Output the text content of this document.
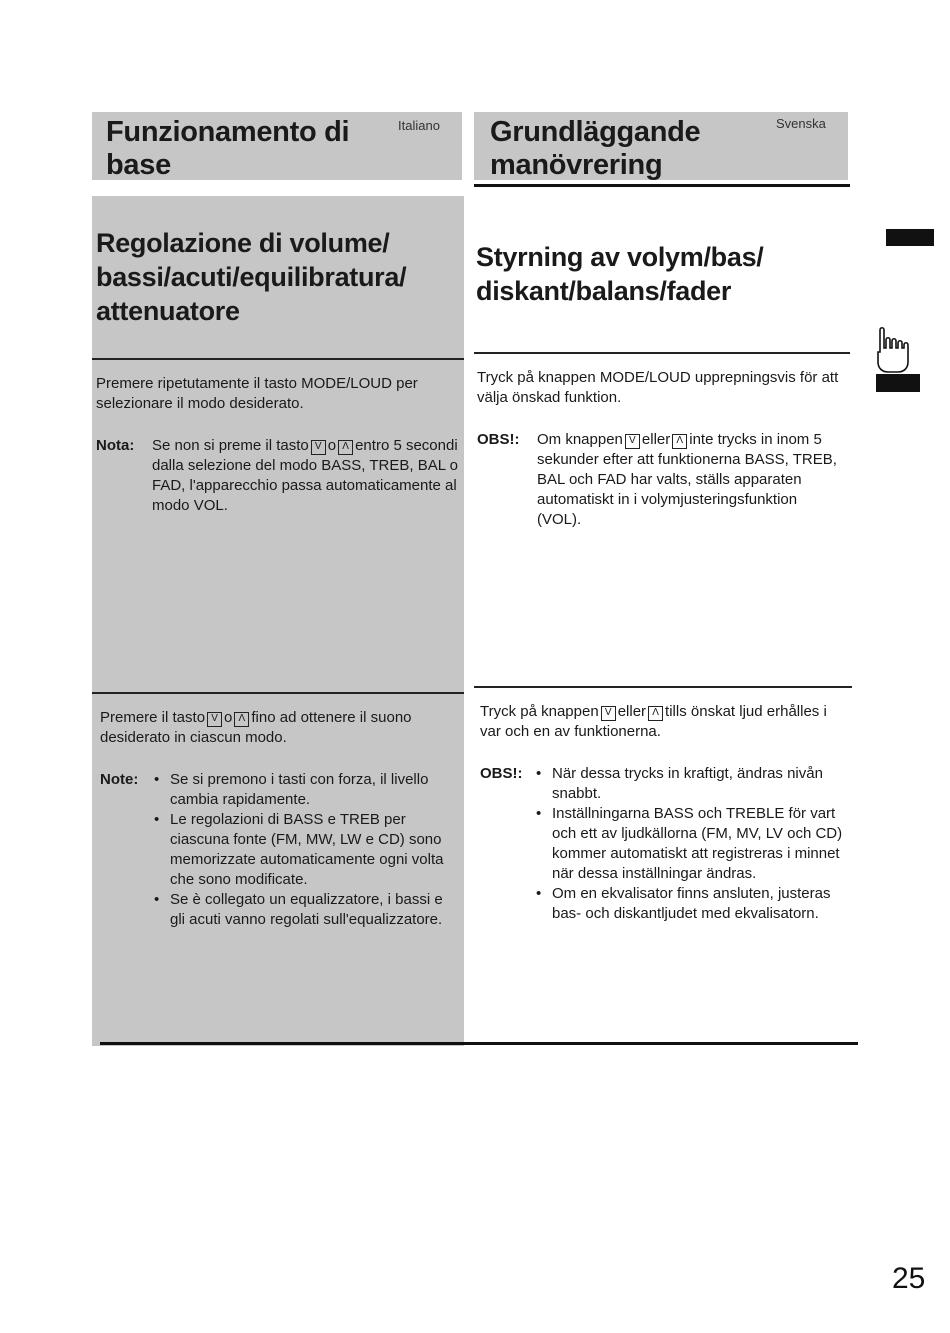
Funzionamento di base
Italiano Grundläggande manövrering
Svenska
Regolazione di volume/ bassi/acuti/equilibratura/ attenuatore
Styrning av volym/bas/ diskant/balans/fader
Premere ripetutamente il tasto MODE/LOUD per selezionare il modo desiderato.
Nota:	Se non si preme il tasto V o Λ entro 5 secondi dalla selezione del modo BASS, TREB, BAL o FAD, l'apparecchio passa automaticamente al modo VOL.
Tryck på knappen MODE/LOUD upprepningsvis för att välja önskad funktion.
OBS!:	Om knappen V eller Λ inte trycks in inom 5 sekunder efter att funktionerna BASS, TREB, BAL och FAD har valts, ställs apparaten automatiskt in i volymjusteringsfunktion (VOL).
Premere il tasto V o Λ fino ad ottenere il suono desiderato in ciascun modo.
Note:	• Se si premono i tasti con forza, il livello cambia rapidamente.
• Le regolazioni di BASS e TREB per ciascuna fonte (FM, MW, LW e CD) sono memorizzate automaticamente ogni volta che sono modificate.
• Se è collegato un equalizzatore, i bassi e gli acuti vanno regolati sull'equalizzatore.
Tryck på knappen V eller Λ tills önskat ljud erhålles i var och en av funktionerna.
OBS!: • När dessa trycks in kraftigt, ändras nivån snabbt.
• Inställningarna BASS och TREBLE för vart och ett av ljudkällorna (FM, MV, LV och CD) kommer automatiskt att registreras i minnet när dessa inställningar ändras.
• Om en ekvalisator finns ansluten, justeras bas- och diskantljudet med ekvalisatorn.
25
